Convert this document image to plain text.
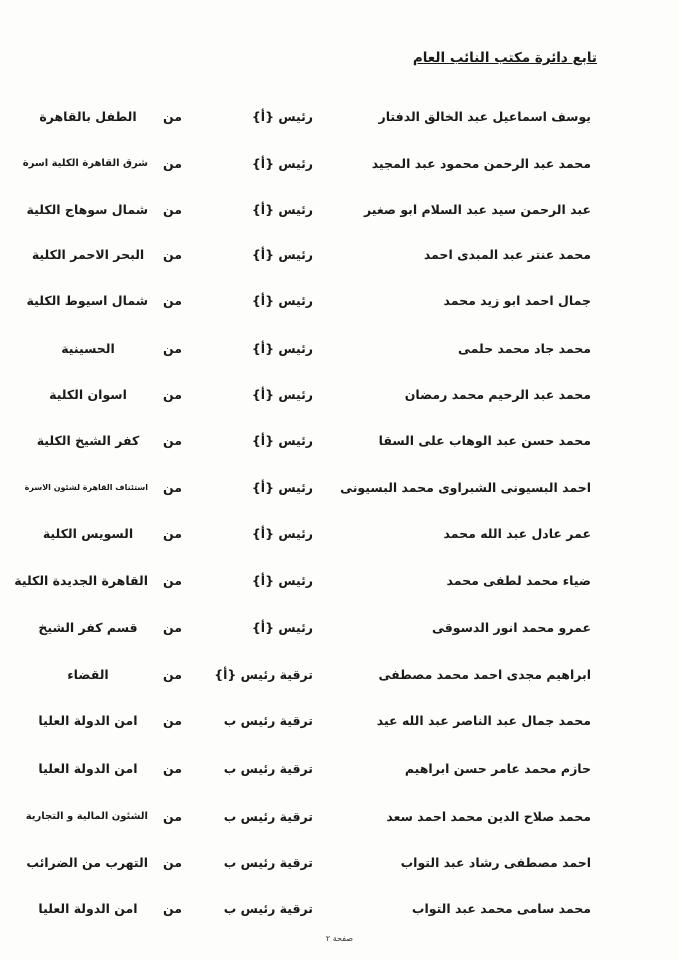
تابع دائرة مكتب النائب العام
يوسف اسماعيل عبد الخالق الدفتار
رئيس {أ}
من
الطفل بالقاهرة
محمد عبد الرحمن محمود عبد المجيد
رئيس {أ}
من
شرق القاهرة الكلية اسرة
عبد الرحمن سيد عبد السلام ابو صغير
رئيس {أ}
من
شمال سوهاج الكلية
محمد عنتر عبد المبدى احمد
رئيس {أ}
من
البحر الاحمر الكلية
جمال احمد ابو زيد محمد
رئيس {أ}
من
شمال اسيوط الكلية
محمد جاد محمد حلمى
رئيس {أ}
من
الحسينية
محمد عبد الرحيم محمد رمضان
رئيس {أ}
من
اسوان الكلية
محمد حسن عبد الوهاب على السقا
رئيس {أ}
من
كفر الشيخ الكلية
احمد البسيونى الشبراوى محمد البسيونى
رئيس {أ}
من
استئناف القاهرة لشئون الاسرة
عمر عادل عبد الله محمد
رئيس {أ}
من
السويس الكلية
ضياء محمد لطفى محمد
رئيس {أ}
من
القاهرة الجديدة الكلية
عمرو محمد انور الدسوقى
رئيس {أ}
من
قسم كفر الشيخ
ابراهيم مجدى احمد محمد مصطفى
ترقية رئيس {أ}
من
القضاء
محمد جمال عبد الناصر عبد الله عيد
ترقية رئيس ب
من
امن الدولة العليا
حازم محمد عامر حسن ابراهيم
ترقية رئيس ب
من
امن الدولة العليا
محمد صلاح الدين محمد احمد سعد
ترقية رئيس ب
من
الشئون المالية و التجارية
احمد مصطفى رشاد عبد التواب
ترقية رئيس ب
من
التهرب من الضرائب
محمد سامى محمد عبد التواب
ترقية رئيس ب
من
امن الدولة العليا
صفحة ٢
